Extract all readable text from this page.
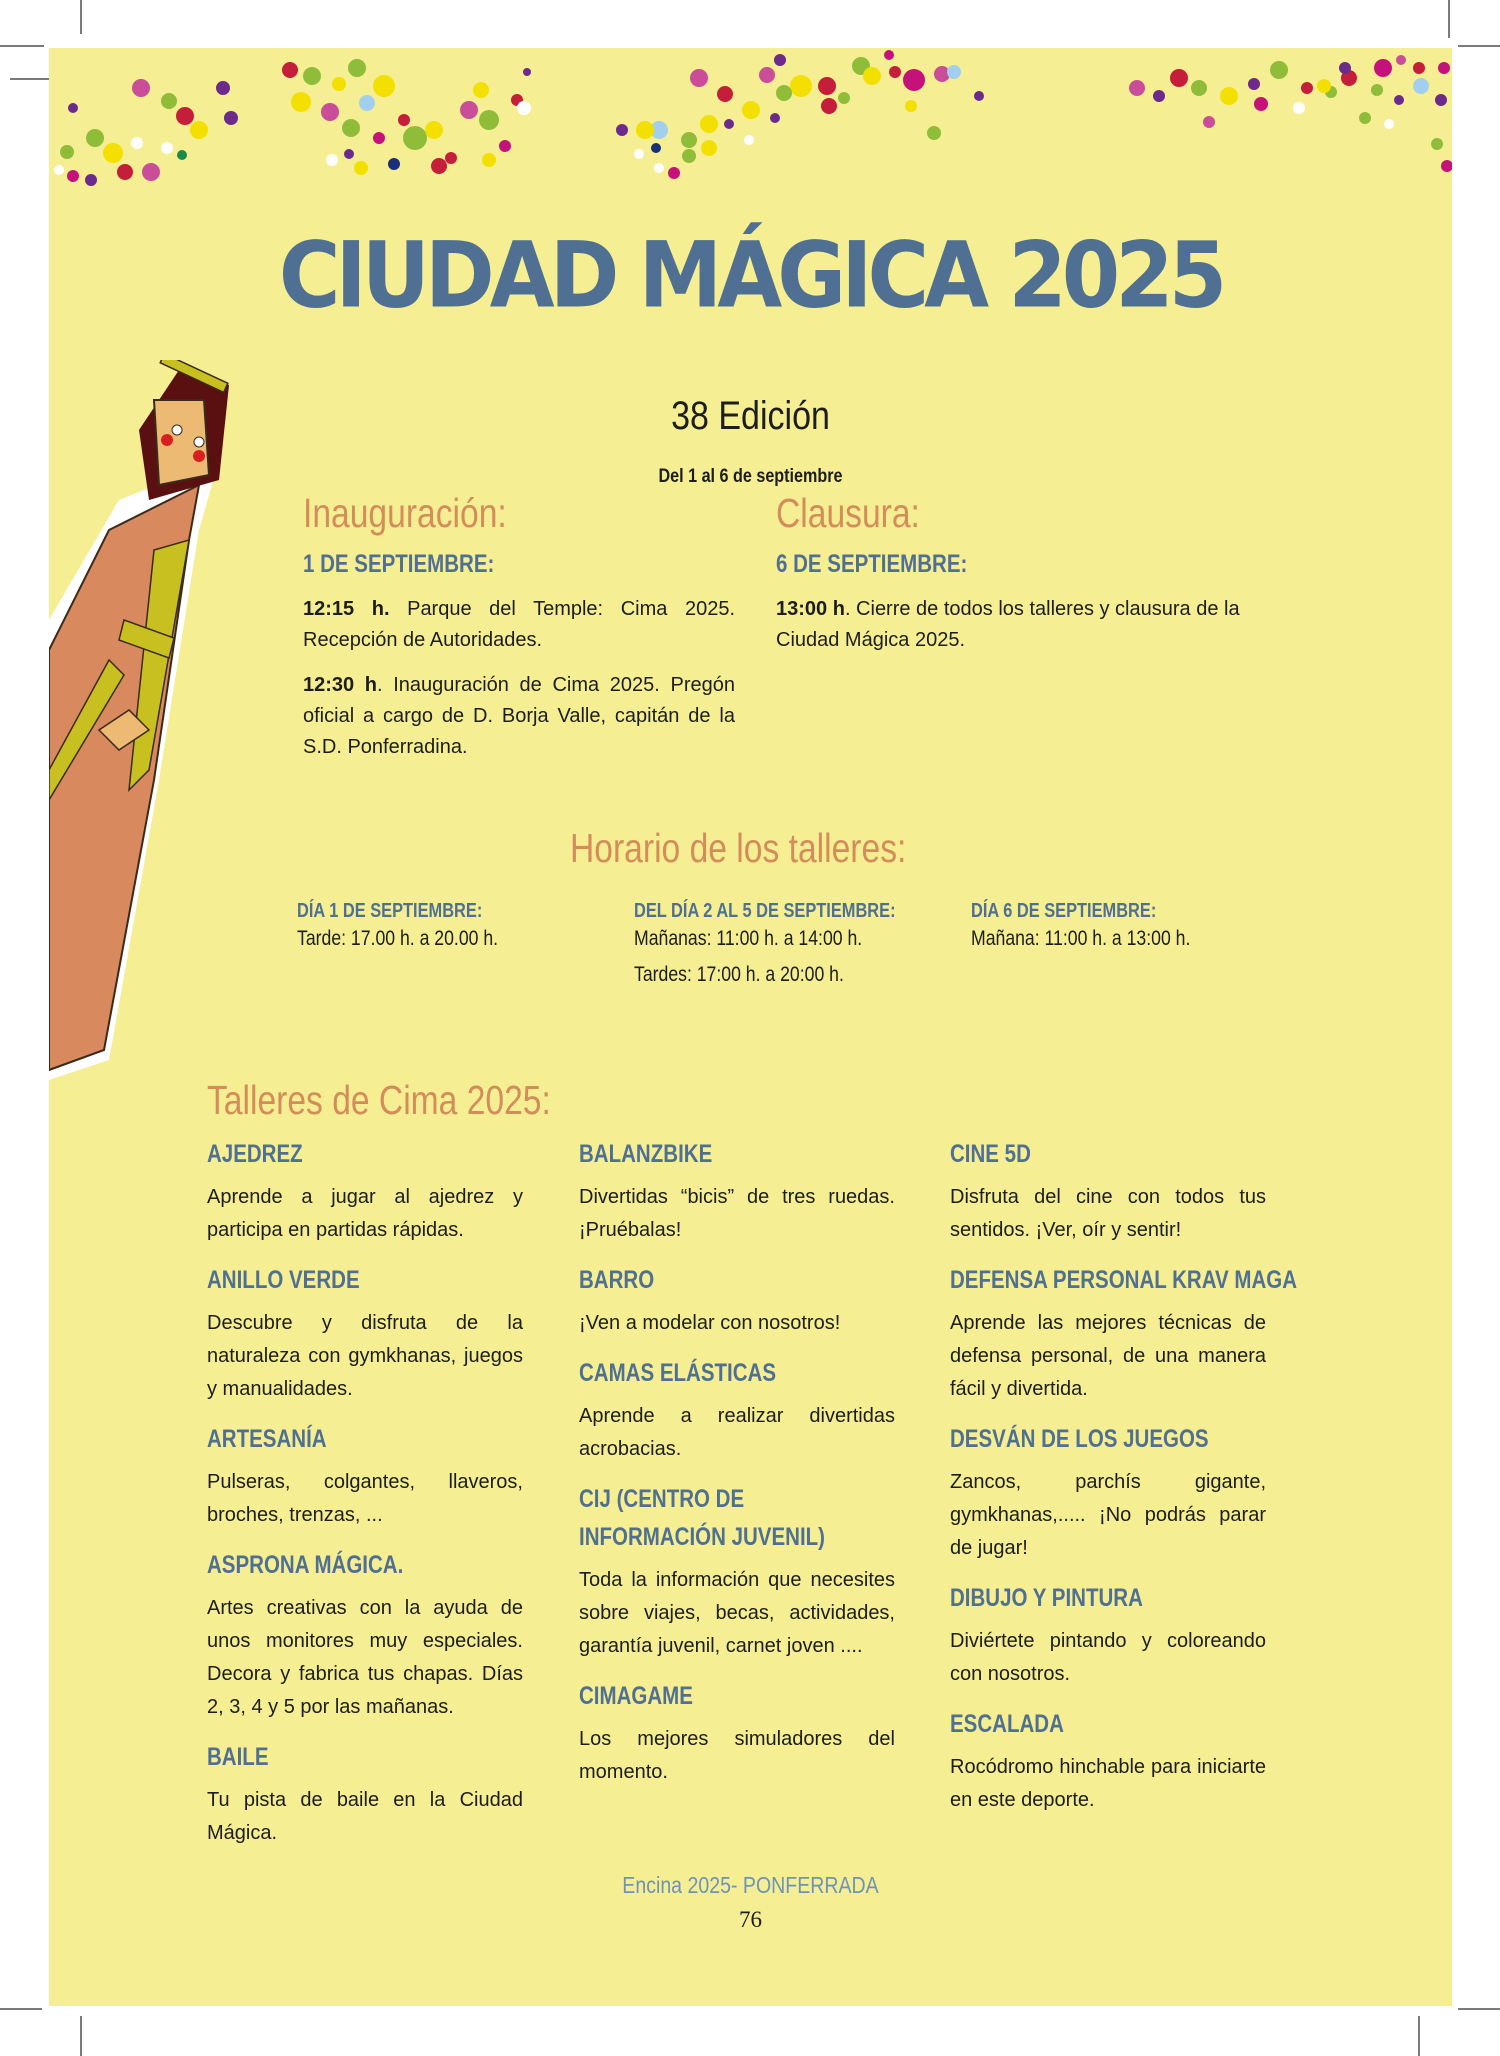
CIUDAD MÁGICA 2025
38 Edición
Del 1 al 6 de septiembre
Inauguración:
1 DE SEPTIEMBRE:
12:15 h. Parque del Temple: Cima 2025. Recepción de Autoridades.
12:30 h. Inauguración de Cima 2025. Pregón oficial a cargo de D. Borja Valle, capitán de la S.D. Ponferradina.
Clausura:
6 DE SEPTIEMBRE:
13:00 h. Cierre de todos los talleres y clausura de la Ciudad Mágica 2025.
Horario de los talleres:
DÍA 1 DE SEPTIEMBRE:
Tarde: 17.00 h. a 20.00 h.
DEL DÍA 2 AL 5 DE SEPTIEMBRE:
Mañanas: 11:00 h. a 14:00 h.
Tardes: 17:00 h. a 20:00 h.
DÍA 6 DE SEPTIEMBRE:
Mañana: 11:00 h. a 13:00 h.
Talleres de Cima 2025:
AJEDREZ
Aprende a jugar al ajedrez y participa en partidas rápidas.
ANILLO VERDE
Descubre y disfruta de la naturaleza con gymkhanas, juegos y manualidades.
ARTESANÍA
Pulseras, colgantes, llaveros, broches, trenzas, ...
ASPRONA MÁGICA.
Artes creativas con la ayuda de unos monitores muy especiales. Decora y fabrica tus chapas. Días 2, 3, 4 y 5 por las mañanas.
BAILE
Tu pista de baile en la Ciudad Mágica.
BALANZBIKE
Divertidas “bicis” de tres ruedas. ¡Pruébalas!
BARRO
¡Ven a modelar con nosotros!
CAMAS ELÁSTICAS
Aprende a realizar divertidas acrobacias.
CIJ (CENTRO DE INFORMACIÓN JUVENIL)
Toda la información que necesites sobre viajes, becas, actividades, garantía juvenil, carnet joven ....
CIMAGAME
Los mejores simuladores del momento.
CINE 5D
Disfruta del cine con todos tus sentidos. ¡Ver, oír y sentir!
DEFENSA PERSONAL KRAV MAGA
Aprende las mejores técnicas de defensa personal, de una manera fácil y divertida.
DESVÁN DE LOS JUEGOS
Zancos, parchís gigante, gymkhanas,..... ¡No podrás parar de jugar!
DIBUJO Y PINTURA
Diviértete pintando y coloreando con nosotros.
ESCALADA
Rocódromo hinchable para iniciarte en este deporte.
Encina 2025- PONFERRADA
76
